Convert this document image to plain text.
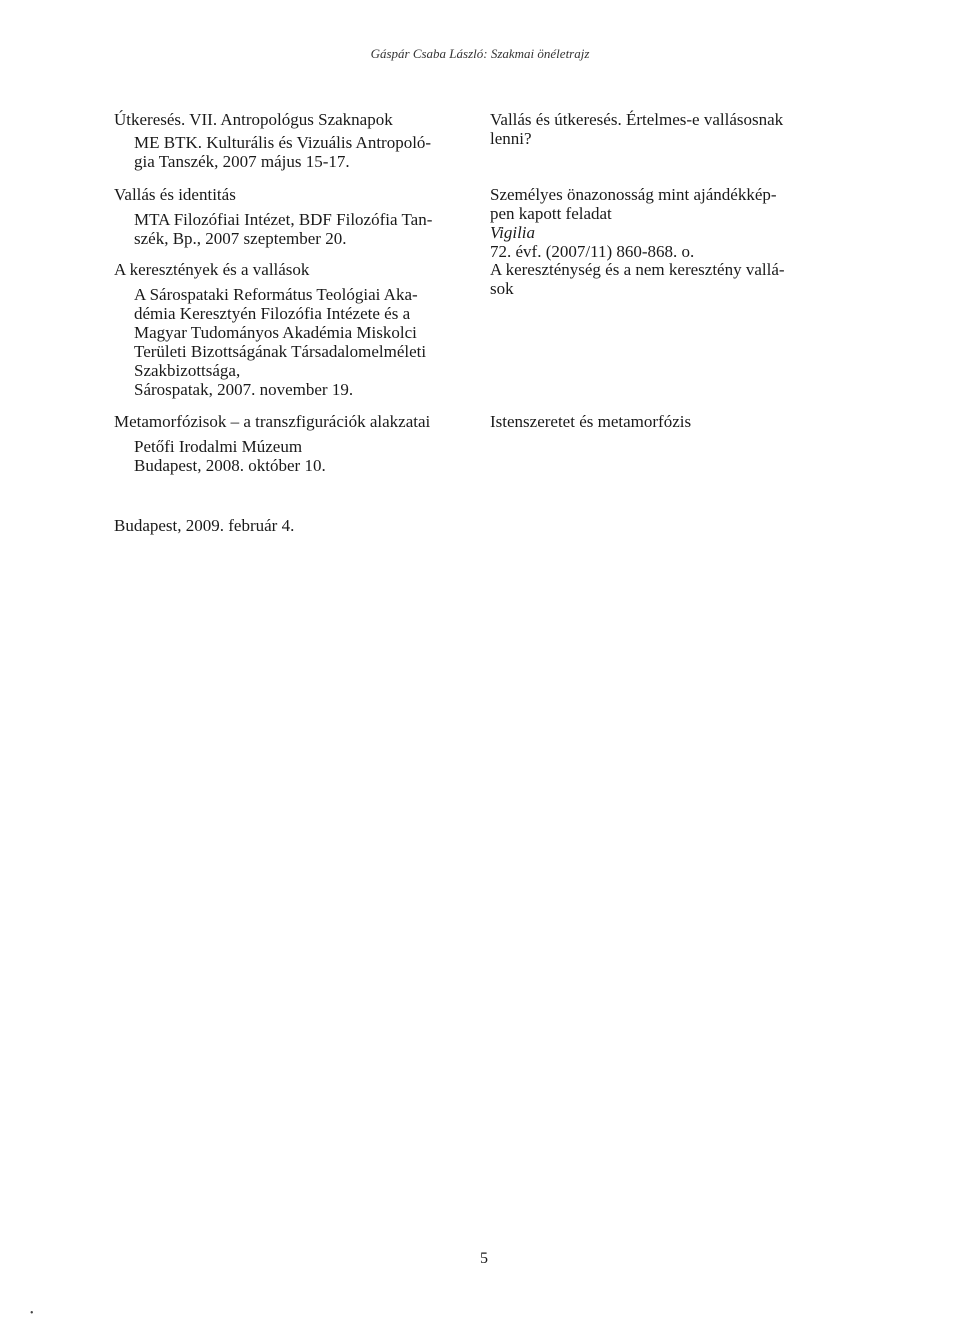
Gáspár Csaba László: Szakmai önéletrajz
Útkeresés. VII. Antropológus Szaknapok
ME BTK. Kulturális és Vizuális Antropoló-
gia Tanszék, 2007 május 15-17.
Vallás és identitás
MTA Filozófiai Intézet, BDF Filozófia Tan-
szék, Bp., 2007 szeptember 20.
A keresztények és a vallások
A Sárospataki Református Teológiai Aka-
démia Keresztyén Filozófia Intézete és a
Magyar Tudományos Akadémia Miskolci
Területi Bizottságának Társadalomelméleti
Szakbizottsága,
Sárospatak, 2007. november 19.
Metamorfózisok – a transzfigurációk alakzatai
Petőfi Irodalmi Múzeum
Budapest, 2008. október 10.
Vallás és útkeresés. Értelmes-e vallásosnak
lenni?
Személyes önazonosság mint ajándékkép-
pen kapott feladat
Vigilia
72. évf. (2007/11) 860-868. o.
A kereszténység és a nem keresztény vallá-
sok
Istenszeretet és metamorfózis
Budapest, 2009. február 4.
5
•
